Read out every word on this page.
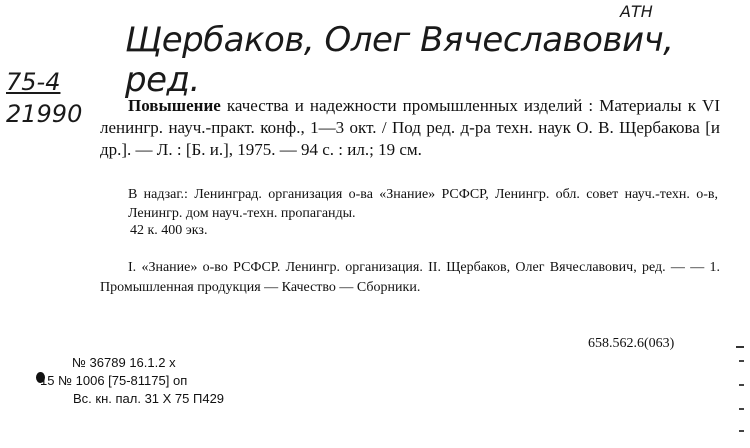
Щербаков, Олег Вячеславович, ред.
АТН
75-4
21990	Повышение качества и надежности промышленных изделий : Материалы к VI ленингр. науч.-практ. конф., 1—3 окт. / Под ред. д-ра техн. наук О. В. Щербакова [и др.]. — Л. : [Б. и.], 1975. — 94 с. : ил.; 19 см.
В надзаг.: Ленинград. организация о-ва «Знание» РСФСР, Ленингр. обл. совет науч.-техн. о-в, Ленингр. дом науч.-техн. пропаганды.
42 к. 400 экз.
I. «Знание» о-во РСФСР. Ленингр. организация. II. Щербаков, Олег Вячеславович, ред. — — 1. Промышленная продукция — Качество — Сборники.
658.562.6(063)
№ 36789 16.1.2 x
15 № 1006 [75-81175] оп
Вс. кн. пал. 31 X 75 П429
